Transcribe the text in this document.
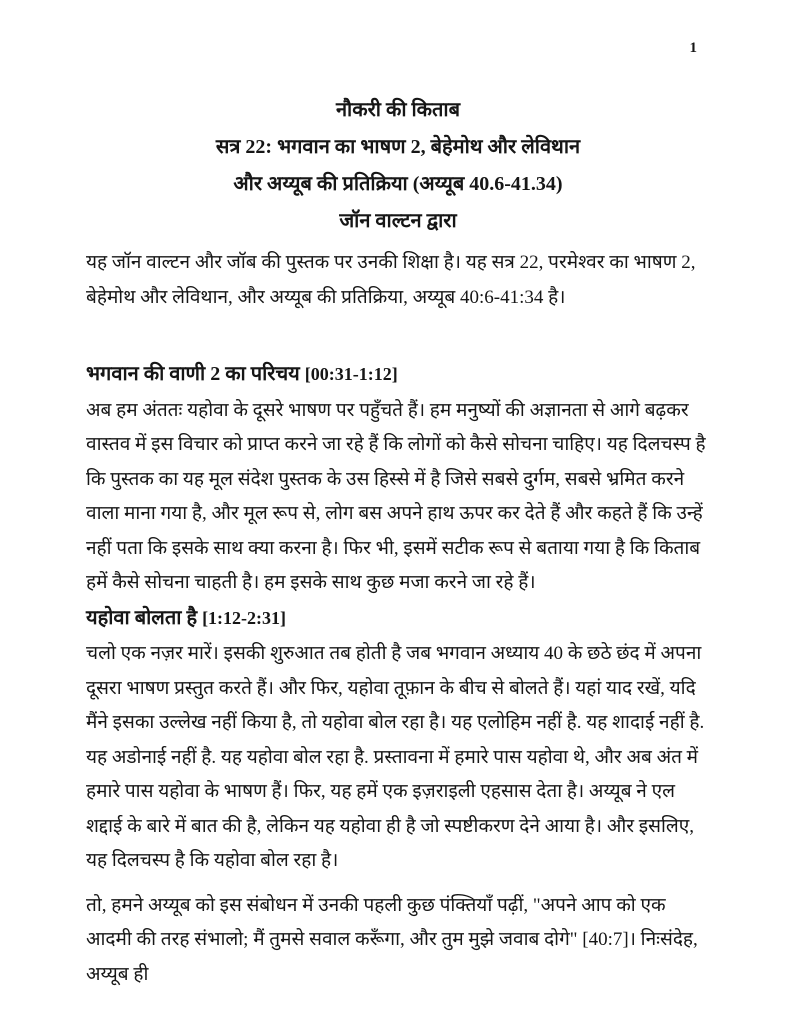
1
नौकरी की किताब
सत्र 22: भगवान का भाषण 2, बेहेमोथ और लेविथान
और अय्यूब की प्रतिक्रिया (अय्यूब 40.6-41.34)
जॉन वाल्टन द्वारा

यह जॉन वाल्टन और जॉब की पुस्तक पर उनकी शिक्षा है। यह सत्र 22, परमेश्वर का भाषण 2, बेहेमोथ और लेविथान, और अय्यूब की प्रतिक्रिया, अय्यूब 40:6-41:34 है।

भगवान की वाणी 2 का परिचय [00:31-1:12]

अब हम अंततः यहोवा के दूसरे भाषण पर पहुँचते हैं। हम मनुष्यों की अज्ञानता से आगे बढ़कर वास्तव में इस विचार को प्राप्त करने जा रहे हैं कि लोगों को कैसे सोचना चाहिए। यह दिलचस्प है कि पुस्तक का यह मूल संदेश पुस्तक के उस हिस्से में है जिसे सबसे दुर्गम, सबसे भ्रमित करने वाला माना गया है, और मूल रूप से, लोग बस अपने हाथ ऊपर कर देते हैं और कहते हैं कि उन्हें नहीं पता कि इसके साथ क्या करना है। फिर भी, इसमें सटीक रूप से बताया गया है कि किताब हमें कैसे सोचना चाहती है। हम इसके साथ कुछ मजा करने जा रहे हैं।

यहोवा बोलता है [1:12-2:31]

चलो एक नज़र मारें। इसकी शुरुआत तब होती है जब भगवान अध्याय 40 के छठे छंद में अपना दूसरा भाषण प्रस्तुत करते हैं। और फिर, यहोवा तूफ़ान के बीच से बोलते हैं। यहां याद रखें, यदि मैंने इसका उल्लेख नहीं किया है, तो यहोवा बोल रहा है। यह एलोहिम नहीं है. यह शादाई नहीं है. यह अडोनाई नहीं है. यह यहोवा बोल रहा है. प्रस्तावना में हमारे पास यहोवा थे, और अब अंत में हमारे पास यहोवा के भाषण हैं। फिर, यह हमें एक इज़राइली एहसास देता है। अय्यूब ने एल शद्दाई के बारे में बात की है, लेकिन यह यहोवा ही है जो स्पष्टीकरण देने आया है। और इसलिए, यह दिलचस्प है कि यहोवा बोल रहा है।

तो, हमने अय्यूब को इस संबोधन में उनकी पहली कुछ पंक्तियाँ पढ़ीं, "अपने आप को एक आदमी की तरह संभालो; मैं तुमसे सवाल करूँगा, और तुम मुझे जवाब दोगे" [40:7]। निःसंदेह, अय्यूब ही
